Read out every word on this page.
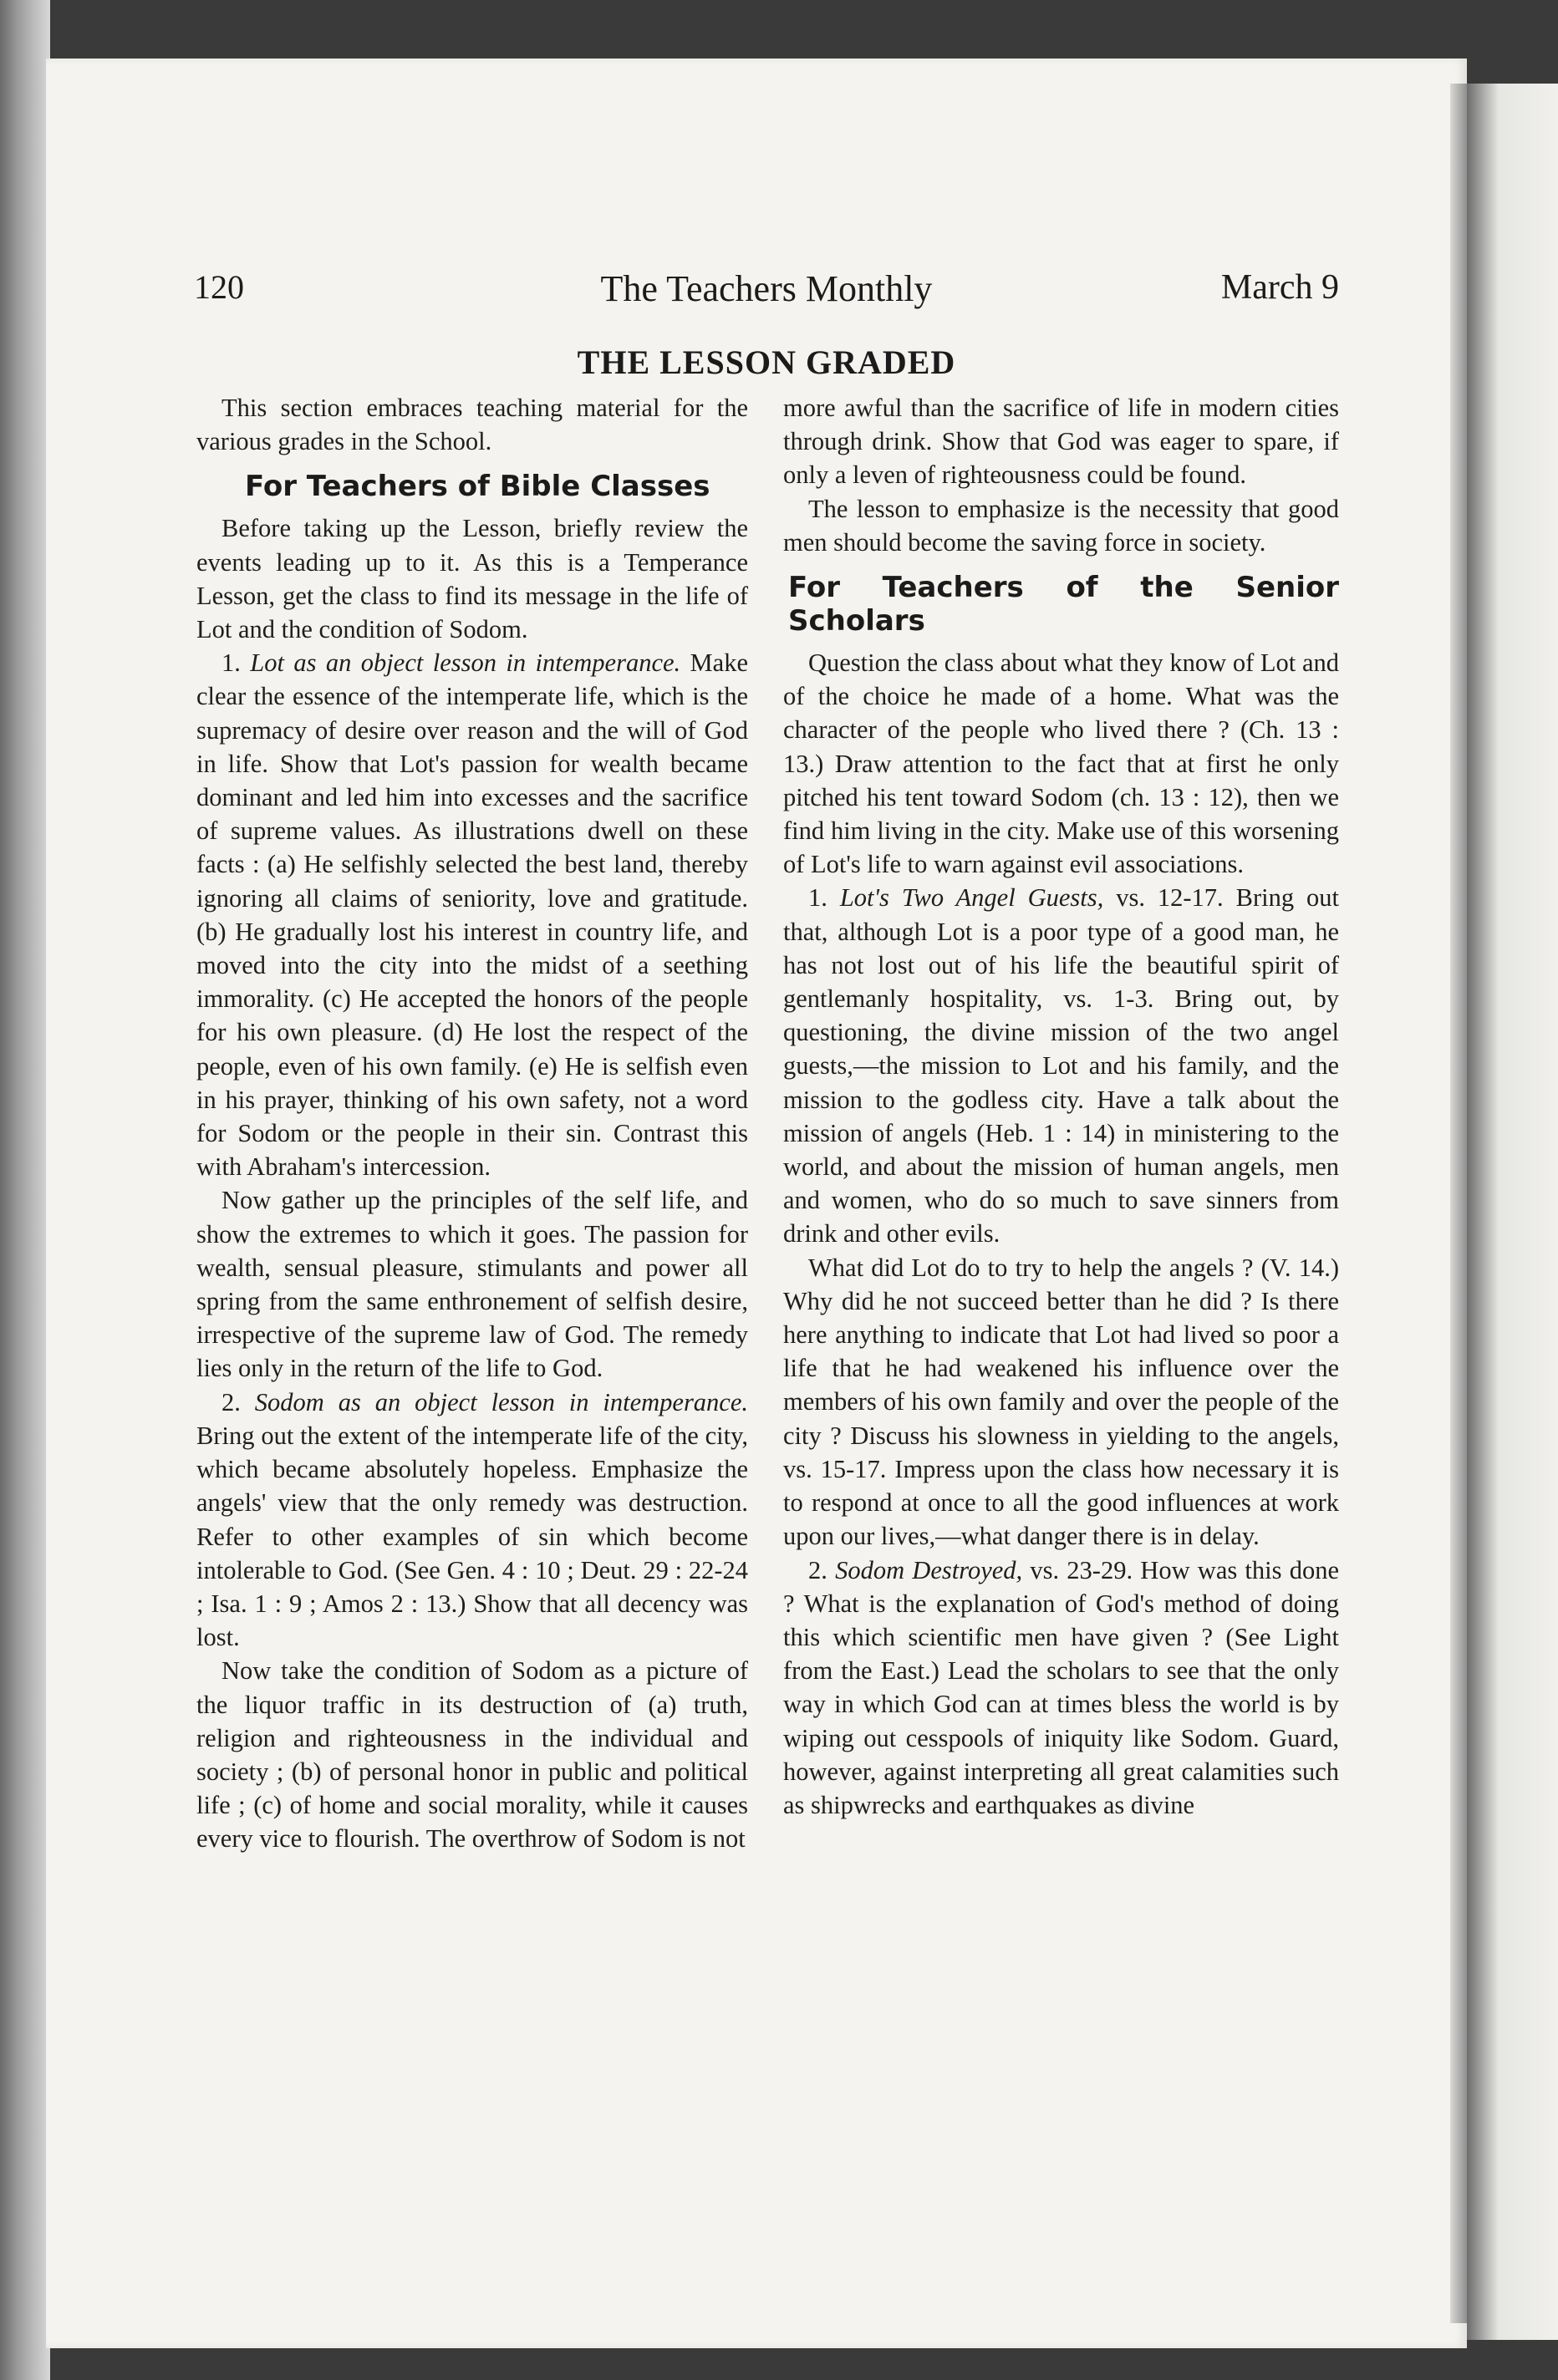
120	The Teachers Monthly	March 9
THE LESSON GRADED

This section embraces teaching material for the various grades in the School.

For Teachers of Bible Classes

Before taking up the Lesson, briefly review the events leading up to it. As this is a Temperance Lesson, get the class to find its message in the life of Lot and the condition of Sodom.

1. Lot as an object lesson in intemperance. Make clear the essence of the intemperate life, which is the supremacy of desire over reason and the will of God in life. Show that Lot's passion for wealth became dominant and led him into excesses and the sacrifice of supreme values. As illustrations dwell on these facts : (a) He selfishly selected the best land, thereby ignoring all claims of seniority, love and gratitude. (b) He gradually lost his interest in country life, and moved into the city into the midst of a seething immorality. (c) He accepted the honors of the people for his own pleasure. (d) He lost the respect of the people, even of his own family. (e) He is selfish even in his prayer, thinking of his own safety, not a word for Sodom or the people in their sin. Contrast this with Abraham's intercession.

Now gather up the principles of the self life, and show the extremes to which it goes. The passion for wealth, sensual pleasure, stimulants and power all spring from the same enthronement of selfish desire, irrespective of the supreme law of God. The remedy lies only in the return of the life to God.

2. Sodom as an object lesson in intemperance. Bring out the extent of the intemperate life of the city, which became absolutely hopeless. Emphasize the angels' view that the only remedy was destruction. Refer to other examples of sin which become intolerable to God. (See Gen. 4 : 10 ; Deut. 29 : 22-24 ; Isa. 1 : 9 ; Amos 2 : 13.) Show that all decency was lost.

Now take the condition of Sodom as a picture of the liquor traffic in its destruction of (a) truth, religion and righteousness in the individual and society ; (b) of personal honor in public and political life ; (c) of home and social morality, while it causes every vice to flourish. The overthrow of Sodom is not

more awful than the sacrifice of life in modern cities through drink. Show that God was eager to spare, if only a leven of righteousness could be found.

The lesson to emphasize is the necessity that good men should become the saving force in society.

For Teachers of the Senior Scholars

Question the class about what they know of Lot and of the choice he made of a home. What was the character of the people who lived there ? (Ch. 13 : 13.) Draw attention to the fact that at first he only pitched his tent toward Sodom (ch. 13 : 12), then we find him living in the city. Make use of this worsening of Lot's life to warn against evil associations.

1. Lot's Two Angel Guests, vs. 12-17. Bring out that, although Lot is a poor type of a good man, he has not lost out of his life the beautiful spirit of gentlemanly hospitality, vs. 1-3. Bring out, by questioning, the divine mission of the two angel guests,—the mission to Lot and his family, and the mission to the godless city. Have a talk about the mission of angels (Heb. 1 : 14) in ministering to the world, and about the mission of human angels, men and women, who do so much to save sinners from drink and other evils.

What did Lot do to try to help the angels ? (V. 14.) Why did he not succeed better than he did ? Is there here anything to indicate that Lot had lived so poor a life that he had weakened his influence over the members of his own family and over the people of the city ? Discuss his slowness in yielding to the angels, vs. 15-17. Impress upon the class how necessary it is to respond at once to all the good influences at work upon our lives,—what danger there is in delay.

2. Sodom Destroyed, vs. 23-29. How was this done ? What is the explanation of God's method of doing this which scientific men have given ? (See Light from the East.) Lead the scholars to see that the only way in which God can at times bless the world is by wiping out cesspools of iniquity like Sodom. Guard, however, against interpreting all great calamities such as shipwrecks and earthquakes as divine
